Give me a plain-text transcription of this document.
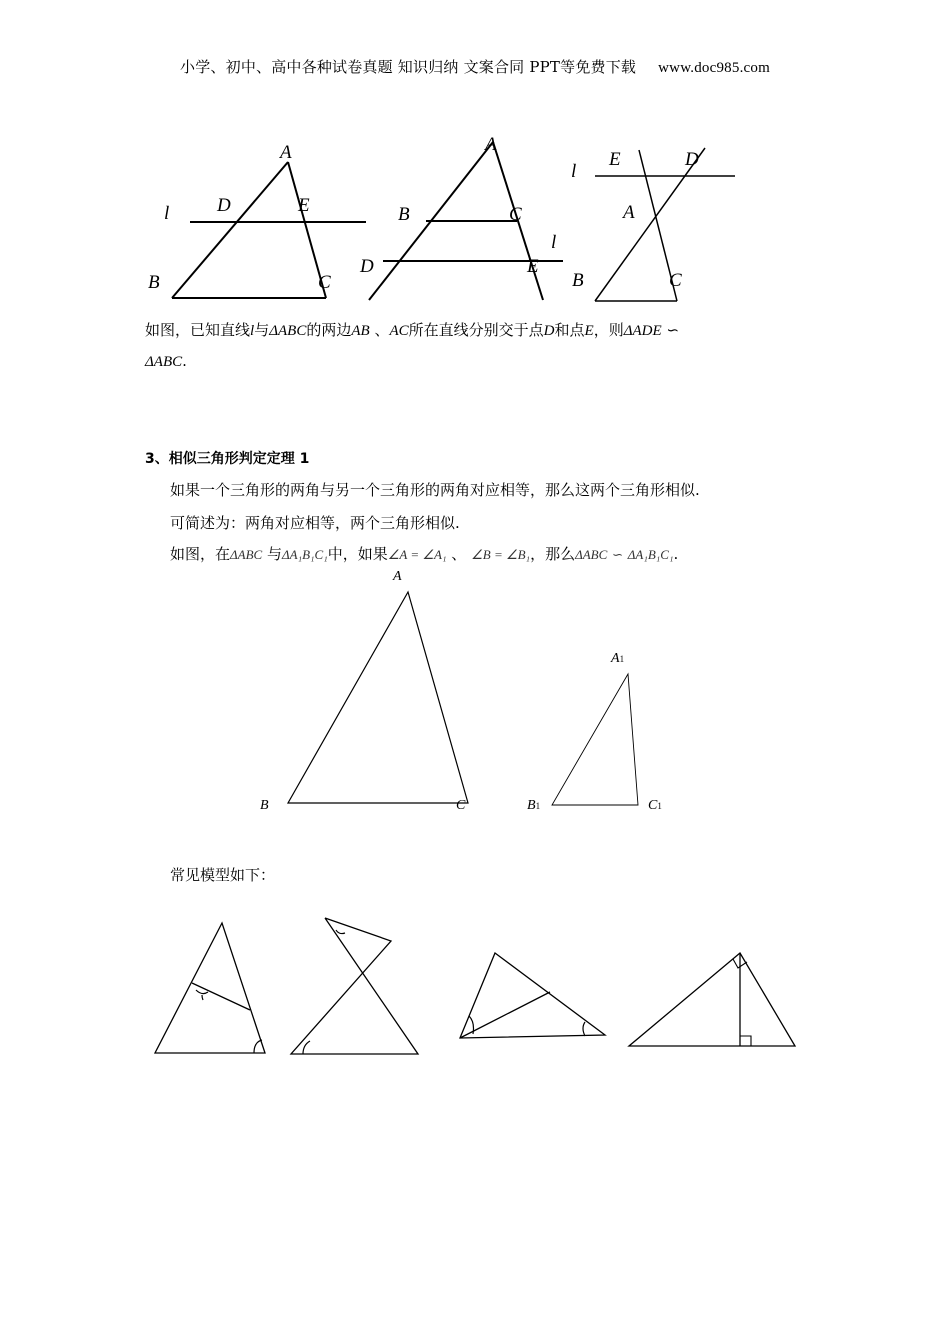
小学、初中、高中各种试卷真题 知识归纳 文案合同 PPT等免费下载 www.doc985.com
A
D	E
l
B	C
A
B	C
l
D	E
l
E	D
A
B	C
如图，已知直线l与ΔABC的两边AB 、AC所在直线分别交于点D和点E，则ΔADE ∽
ΔABC.
3、相似三角形判定定理 1
如果一个三角形的两角与另一个三角形的两角对应相等，那么这两个三角形相似.
可简述为：两角对应相等，两个三角形相似.
如图，在ΔABC 与ΔA₁B₁C₁中，如果∠A = ∠A₁ 、 ∠B = ∠B₁，那么ΔABC ∽ ΔA₁B₁C₁.
A
B	C
A1
B1	C1
常见模型如下：
